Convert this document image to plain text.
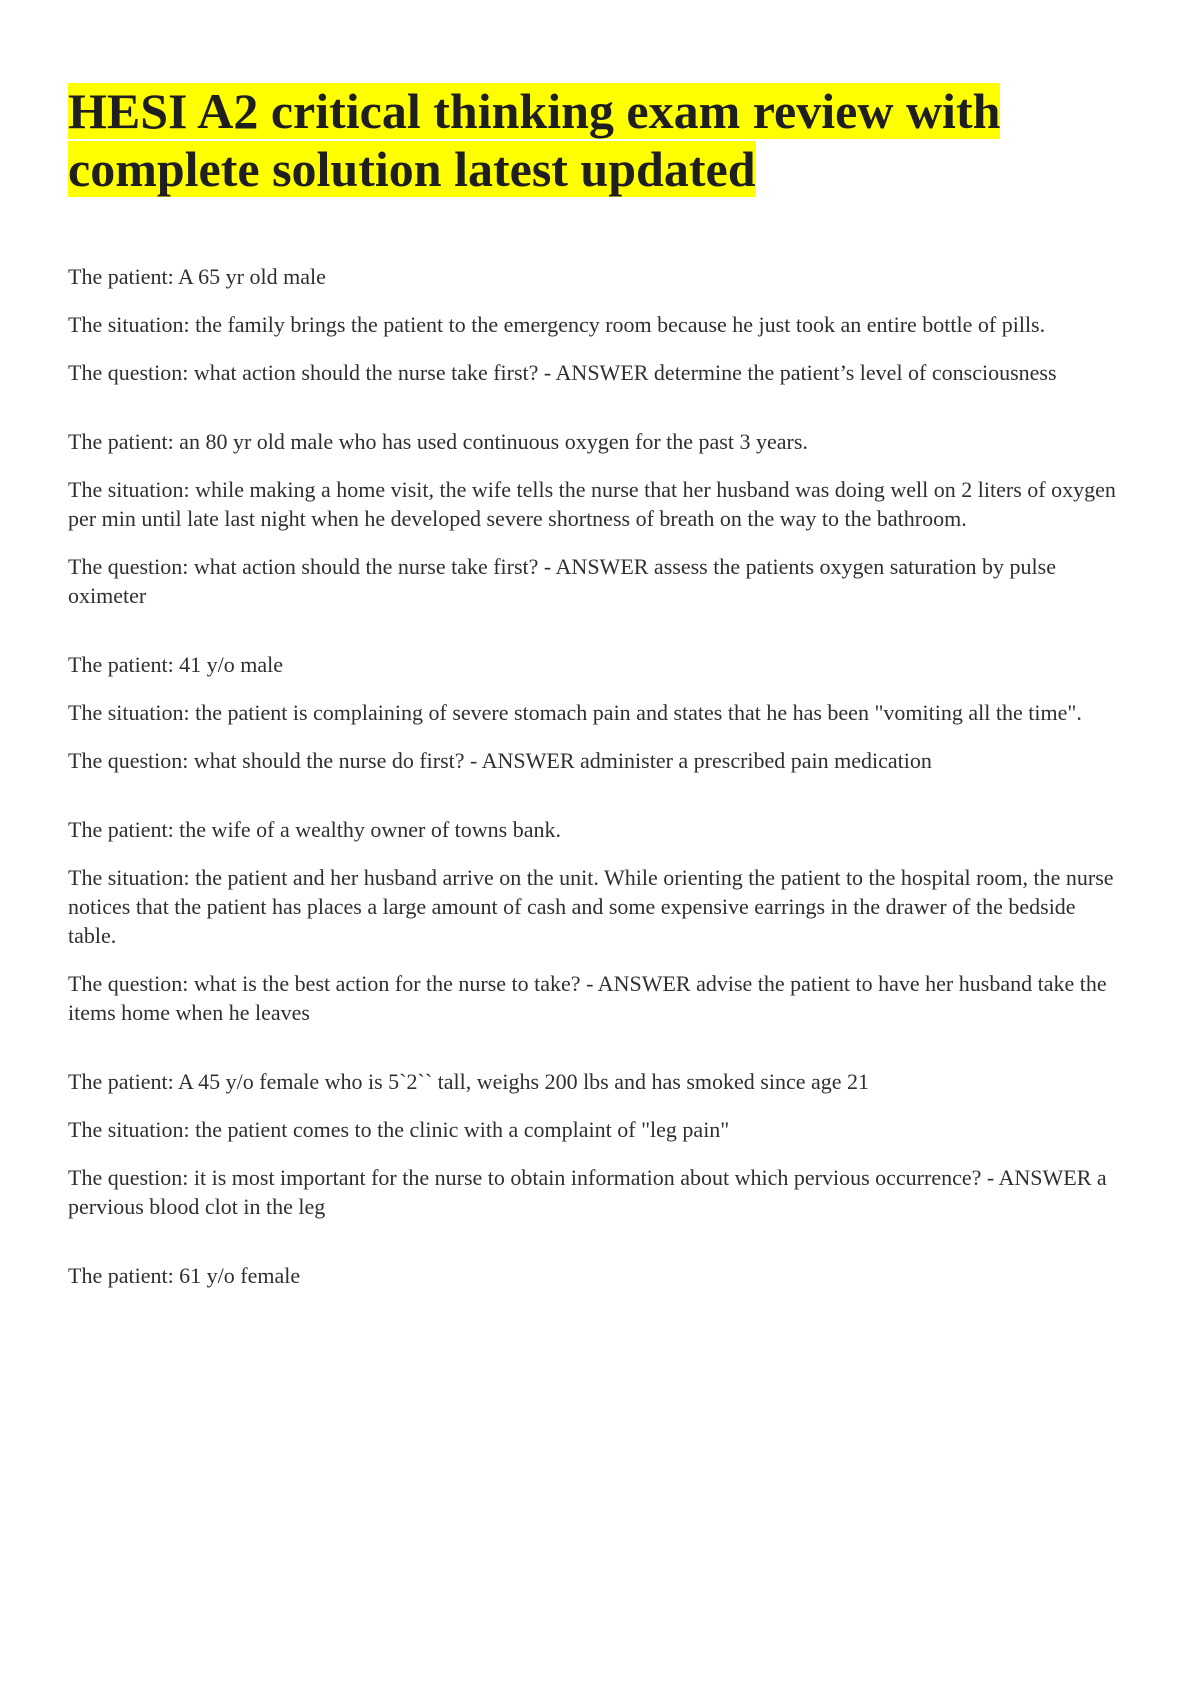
HESI A2 critical thinking exam review with
complete solution latest updated

The patient: A 65 yr old male

The situation: the family brings the patient to the emergency room because he just took an entire bottle of pills.

The question: what action should the nurse take first? - ANSWER determine the patient’s level of consciousness

The patient: an 80 yr old male who has used continuous oxygen for the past 3 years.

The situation: while making a home visit, the wife tells the nurse that her husband was doing well on 2 liters of oxygen per min until late last night when he developed severe shortness of breath on the way to the bathroom.

The question: what action should the nurse take first? - ANSWER assess the patients oxygen saturation by pulse oximeter

The patient: 41 y/o male

The situation: the patient is complaining of severe stomach pain and states that he has been "vomiting all the time".

The question: what should the nurse do first? - ANSWER administer a prescribed pain medication

The patient: the wife of a wealthy owner of towns bank.

The situation: the patient and her husband arrive on the unit. While orienting the patient to the hospital room, the nurse notices that the patient has places a large amount of cash and some expensive earrings in the drawer of the bedside table.

The question: what is the best action for the nurse to take? - ANSWER advise the patient to have her husband take the items home when he leaves

The patient: A 45 y/o female who is 5`2`` tall, weighs 200 lbs and has smoked since age 21

The situation: the patient comes to the clinic with a complaint of "leg pain"

The question: it is most important for the nurse to obtain information about which pervious occurrence? - ANSWER a pervious blood clot in the leg

The patient: 61 y/o female
